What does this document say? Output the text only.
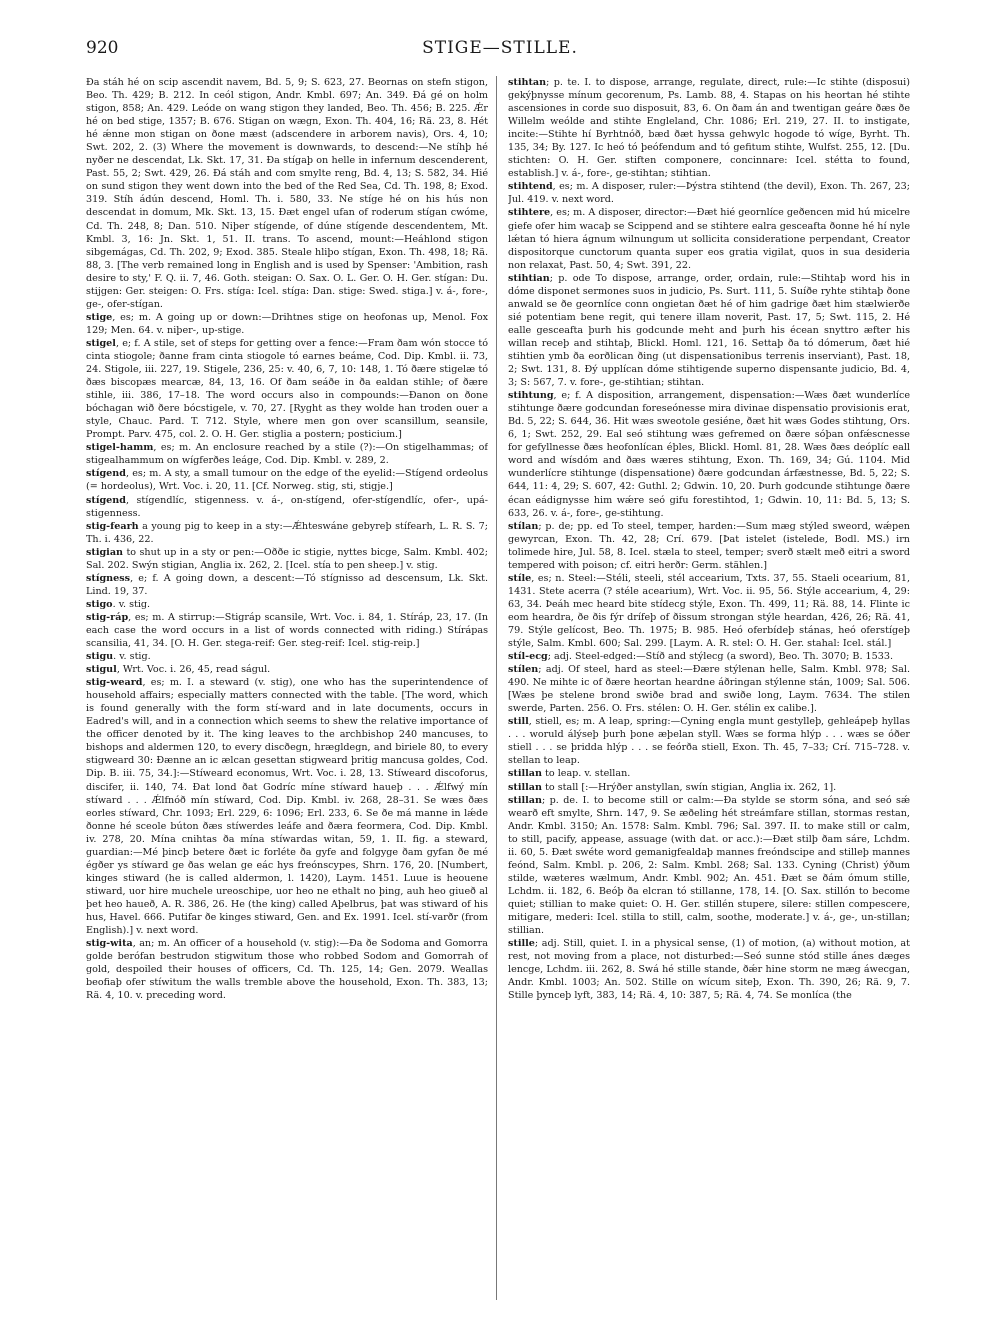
920	STIGE—STILLE.

Ða stáh hé on scip ascendit navem, Bd. 5, 9; S. 623, 27. Beornas on stefn stigon, Beo. Th. 429; B. 212. In ceól stigon, Andr. Kmbl. 697; An. 349. Ðá gé on holm stigon, 858; An. 429. Leóde on wang stigon they landed, Beo. Th. 456; B. 225. Ǽr hé on bed stige, 1357; B. 676. Stigan on wægn, Exon. Th. 404, 16; Rä. 23, 8. Hét hé ǽnne mon stigan on ðone mæst (adscendere in arborem navis), Ors. 4, 10; Swt. 202, 2. (3) Where the movement is downwards, to descend:—Ne stíhþ hé nyðer ne descendat, Lk. Skt. 17, 31. Ða stígaþ on helle in infernum descenderent, Past. 55, 2; Swt. 429, 26. Ðá stáh and com smylte reng, Bd. 4, 13; S. 582, 34. Hié on sund stigon they went down into the bed of the Red Sea, Cd. Th. 198, 8; Exod. 319. Stíh ádún descend, Homl. Th. i. 580, 33. Ne stíge hé on his hús non descendat in domum, Mk. Skt. 13, 15. Ðæt engel ufan of roderum stígan cwóme, Cd. Th. 248, 8; Dan. 510. Niþer stígende, of dúne stígende descendentem, Mt. Kmbl. 3, 16: Jn. Skt. 1, 51. II. trans. To ascend, mount:—Heáhlond stigon sibgemágas, Cd. Th. 202, 9; Exod. 385. Steale hliþo stígan, Exon. Th. 498, 18; Rä. 88, 3. [The verb remained long in English and is used by Spenser: 'Ambition, rash desire to sty,' F. Q. ii. 7, 46. Goth. steigan: O. Sax. O. L. Ger. O. H. Ger. stígan: Du. stijgen: Ger. steigen: O. Frs. stíga: Icel. stíga: Dan. stige: Swed. stiga.] v. á-, fore-, ge-, ofer-stígan.

stige, es; m. A going up or down:—Drihtnes stige on heofonas up, Menol. Fox 129; Men. 64. v. niþer-, up-stige.

stigel, e; f. A stile, set of steps for getting over a fence:—Fram ðam wón stocce tó cinta stiogole; ðanne fram cinta stiogole tó earnes beáme, Cod. Dip. Kmbl. ii. 73, 24. Stigole, iii. 227, 19. Stigele, 236, 25: v. 40, 6, 7, 10: 148, 1. Tó ðære stigelæ tó ðæs biscopæs mearcæ, 84, 13, 16. Of ðam seáðe in ða ealdan stihle; of ðære stihle, iii. 386, 17–18. The word occurs also in compounds:—Ðanon on ðone bóchagan wið ðere bócstigele, v. 70, 27. [Ryght as they wolde han troden ouer a style, Chauc. Pard. T. 712. Style, where men gon over scansillum, seansile, Prompt. Parv. 475, col. 2. O. H. Ger. stiglia a postern; posticium.]

stigel-hamm, es; m. An enclosure reached by a stile (?):—On stigelhammas; of stigealhammum on wígferðes leáge, Cod. Dip. Kmbl. v. 289, 2.

stígend, es; m. A sty, a small tumour on the edge of the eyelid:—Stígend ordeolus (= hordeolus), Wrt. Voc. i. 20, 11. [Cf. Norweg. stig, sti, stigje.]

stígend, stígendlíc, stigenness. v. á-, on-stígend, ofer-stígendlíc, ofer-, upá-stigenness.

stig-fearh a young pig to keep in a sty:—Ǽhteswáne gebyreþ stífearh, L. R. S. 7; Th. i. 436, 22.

stigian to shut up in a sty or pen:—Oððe ic stigie, nyttes bicge, Salm. Kmbl. 402; Sal. 202. Swýn stigian, Anglia ix. 262, 2. [Icel. stía to pen sheep.] v. stig.

stígness, e; f. A going down, a descent:—Tó stígnisso ad descensum, Lk. Skt. Lind. 19, 37.

stigo. v. stig.

stig-ráp, es; m. A stirrup:—Stigráp scansile, Wrt. Voc. i. 84, 1. Stíráp, 23, 17. (In each case the word occurs in a list of words connected with riding.) Stírápas scansilia, 41, 34. [O. H. Ger. stega-reif: Ger. steg-reif: Icel. stig-reip.]

stigu. v. stig.

stigul, Wrt. Voc. i. 26, 45, read ságul.

stig-weard, es; m. I. a steward (v. stig), one who has the superintendence of household affairs; especially matters connected with the table. [The word, which is found generally with the form stí-ward and in late documents, occurs in Eadred's will, and in a connection which seems to shew the relative importance of the officer denoted by it. The king leaves to the archbishop 240 mancuses, to bishops and aldermen 120, to every discðegn, hrægldegn, and biriele 80, to every stigweard 30: Ðænne an ic ælcan gesettan stigweard þritig mancusa goldes, Cod. Dip. B. iii. 75, 34.]:—Stíweard economus, Wrt. Voc. i. 28, 13. Stíweard discoforus, discifer, ii. 140, 74. Ðat lond ðat Godríc míne stíward haueþ . . . Ǽlfwý mín stíward . . . Ǽlfnóð mín stíward, Cod. Dip. Kmbl. iv. 268, 28–31. Se wæs ðæs eorles stíward, Chr. 1093; Erl. 229, 6: 1096; Erl. 233, 6. Se ðe má manne in lǽde ðonne hé sceole búton ðæs stíwerdes leáfe and ðæra feormera, Cod. Dip. Kmbl. iv. 278, 20. Mína cnihtas ða mína stíwardas witan, 59, 1. II. fig. a steward, guardian:—Mé þincþ betere ðæt ic forléte ða gyfe and folgyge ðam gyfan ðe mé égðer ys stíward ge ðas welan ge eác hys freónscypes, Shrn. 176, 20. [Numbert, kinges stiward (he is called aldermon, l. 1420), Laym. 1451. Luue is heouene stiward, uor hire muchele ureoschipe, uor heo ne ethalt no þing, auh heo giueð al þet heo haueð, A. R. 386, 26. He (the king) called Aþelbrus, þat was stiward of his hus, Havel. 666. Putifar ðe kinges stiward, Gen. and Ex. 1991. Icel. stí-varðr (from English).] v. next word.

stig-wita, an; m. An officer of a household (v. stig):—Ða ðe Sodoma and Gomorra golde berófan bestrudon stigwitum those who robbed Sodom and Gomorrah of gold, despoiled their houses of officers, Cd. Th. 125, 14; Gen. 2079. Weallas beofiaþ ofer stíwitum the walls tremble above the household, Exon. Th. 383, 13; Rä. 4, 10. v. preceding word.

stihtan; p. te. I. to dispose, arrange, regulate, direct, rule:—Ic stihte (disposui) gekýþnysse mínum gecorenum, Ps. Lamb. 88, 4. Stapas on his heortan hé stihte ascensiones in corde suo disposuit, 83, 6. On ðam án and twentigan geáre ðæs ðe Willelm weólde and stihte Engleland, Chr. 1086; Erl. 219, 27. II. to instigate, incite:—Stihte hí Byrhtnóð, bæd ðæt hyssa gehwylc hogode tó wíge, Byrht. Th. 135, 34; By. 127. Ic heó tó þeófendum and tó gefitum stihte, Wulfst. 255, 12. [Du. stichten: O. H. Ger. stiften componere, concinnare: Icel. stétta to found, establish.] v. á-, fore-, ge-stihtan; stihtian.

stihtend, es; m. A disposer, ruler:—Þýstra stihtend (the devil), Exon. Th. 267, 23; Jul. 419. v. next word.

stihtere, es; m. A disposer, director:—Ðæt hié geornlíce geðencen mid hú micelre giefe ofer him wacaþ se Scippend and se stihtere ealra gesceafta ðonne hé hí nyle lǽtan tó hiera ágnum wilnungum ut sollicita consideratione perpendant, Creator dispositorque cunctorum quanta super eos gratia vigilat, quos in sua desideria non relaxat, Past. 50, 4; Swt. 391, 22.

stihtian; p. ode To dispose, arrange, order, ordain, rule:—Stihtaþ word his in dóme disponet sermones suos in judicio, Ps. Surt. 111, 5. Suíðe ryhte stihtaþ ðone anwald se ðe geornlíce conn ongietan ðæt hé of him gadrige ðæt him stælwierðe sié potentiam bene regit, qui tenere illam noverit, Past. 17, 5; Swt. 115, 2. Hé ealle gesceafta þurh his godcunde meht and þurh his écean snyttro æfter his willan receþ and stihtaþ, Blickl. Homl. 121, 16. Settaþ ða tó dómerum, ðæt hié stihtien ymb ða eorðlican ðing (ut dispensationibus terrenis inserviant), Past. 18, 2; Swt. 131, 8. Ðý upplícan dóme stihtigende superno dispensante judicio, Bd. 4, 3; S: 567, 7. v. fore-, ge-stihtian; stihtan.

stihtung, e; f. A disposition, arrangement, dispensation:—Wæs ðæt wunderlíce stihtunge ðære godcundan foreseónesse mira divinae dispensatio provisionis erat, Bd. 5, 22; S. 644, 36. Hit wæs sweotole gesiéne, ðæt hit wæs Godes stihtung, Ors. 6, 1; Swt. 252, 29. Eal seó stihtung wæs gefremed on ðære sóþan onfǽscnesse for gefyllnesse ðæs heofonlícan éþles, Blickl. Homl. 81, 28. Wæs ðæs deóplíc eall word and wísdóm and ðæs wæres stihtung, Exon. Th. 169, 34; Gú. 1104. Mid wunderlícre stihtunge (dispensatione) ðære godcundan árfæstnesse, Bd. 5, 22; S. 644, 11: 4, 29; S. 607, 42: Guthl. 2; Gdwin. 10, 20. Þurh godcunde stihtunge ðære écan eádignysse him wǽre seó gifu forestihtod, 1; Gdwin. 10, 11: Bd. 5, 13; S. 633, 26. v. á-, fore-, ge-stihtung.

stílan; p. de; pp. ed To steel, temper, harden:—Sum mæg stýled sweord, wǽpen gewyrcan, Exon. Th. 42, 28; Crí. 679. [Þat istelet (istelede, Bodl. MS.) irn tolimede hire, Jul. 58, 8. Icel. stæla to steel, temper; sverð stælt með eitri a sword tempered with poison; cf. eitri herðr: Germ. stählen.]

stíle, es; n. Steel:—Stéli, steeli, stél accearium, Txts. 37, 55. Staeli ocearium, 81, 1431. Stete acerra (? stéle acearium), Wrt. Voc. ii. 95, 56. Stýle accearium, 4, 29: 63, 34. Þeáh mec heard bite stídecg stýle, Exon. Th. 499, 11; Rä. 88, 14. Flinte ic eom heardra, ðe ðis fýr drífeþ of ðissum strongan stýle heardan, 426, 26; Rä. 41, 79. Stýle gelícost, Beo. Th. 1975; B. 985. Heó oferbídeþ stánas, heó oferstígeþ stýle, Salm. Kmbl. 600; Sal. 299. [Laym. A. R. stel: O. H. Ger. stahal: Icel. stál.]

stíl-ecg; adj. Steel-edged:—Stíð and stýlecg (a sword), Beo. Th. 3070; B. 1533.

stílen; adj. Of steel, hard as steel:—Ðære stýlenan helle, Salm. Kmbl. 978; Sal. 490. Ne mihte ic of ðære heortan heardne áðringan stýlenne stán, 1009; Sal. 506. [Wæs þe stelene brond swiðe brad and swiðe long, Laym. 7634. The stilen swerde, Parten. 256. O. Frs. stélen: O. H. Ger. stélin ex calibe.].

still, stiell, es; m. A leap, spring:—Cyning engla munt gestylleþ, gehleápeþ hyllas . . . woruld álýseþ þurh þone æþelan styll. Wæs se forma hlýp . . . wæs se óðer stiell . . . se þridda hlýp . . . se feórða stiell, Exon. Th. 45, 7–33; Crí. 715–728. v. stellan to leap.

stillan to leap. v. stellan.

stillan to stall [:—Hrýðer anstyllan, swín stigian, Anglia ix. 262, 1].

stillan; p. de. I. to become still or calm:—Ða stylde se storm sóna, and seó sǽ wearð eft smylte, Shrn. 147, 9. Se æðeling hét streámfare stillan, stormas restan, Andr. Kmbl. 3150; An. 1578: Salm. Kmbl. 796; Sal. 397. II. to make still or calm, to still, pacify, appease, assuage (with dat. or acc.):—Ðæt stilþ ðam sáre, Lchdm. ii. 60, 5. Ðæt swéte word gemanigfealdaþ mannes freóndscipe and stilleþ mannes feónd, Salm. Kmbl. p. 206, 2: Salm. Kmbl. 268; Sal. 133. Cyning (Christ) ýðum stilde, wæteres wælmum, Andr. Kmbl. 902; An. 451. Ðæt se ðám ómum stille, Lchdm. ii. 182, 6. Beóþ ða elcran tó stillanne, 178, 14. [O. Sax. stillón to become quiet; stillian to make quiet: O. H. Ger. stillén stupere, silere: stillen compescere, mitigare, mederi: Icel. stilla to still, calm, soothe, moderate.] v. á-, ge-, un-stillan; stillian.

stille; adj. Still, quiet. I. in a physical sense, (1) of motion, (a) without motion, at rest, not moving from a place, not disturbed:—Seó sunne stód stille ánes dæges lencge, Lchdm. iii. 262, 8. Swá hé stille stande, ðǽr hine storm ne mæg áwecgan, Andr. Kmbl. 1003; An. 502. Stille on wícum siteþ, Exon. Th. 390, 26; Rä. 9, 7. Stille þynceþ lyft, 383, 14; Rä. 4, 10: 387, 5; Rä. 4, 74. Se monlíca (the
